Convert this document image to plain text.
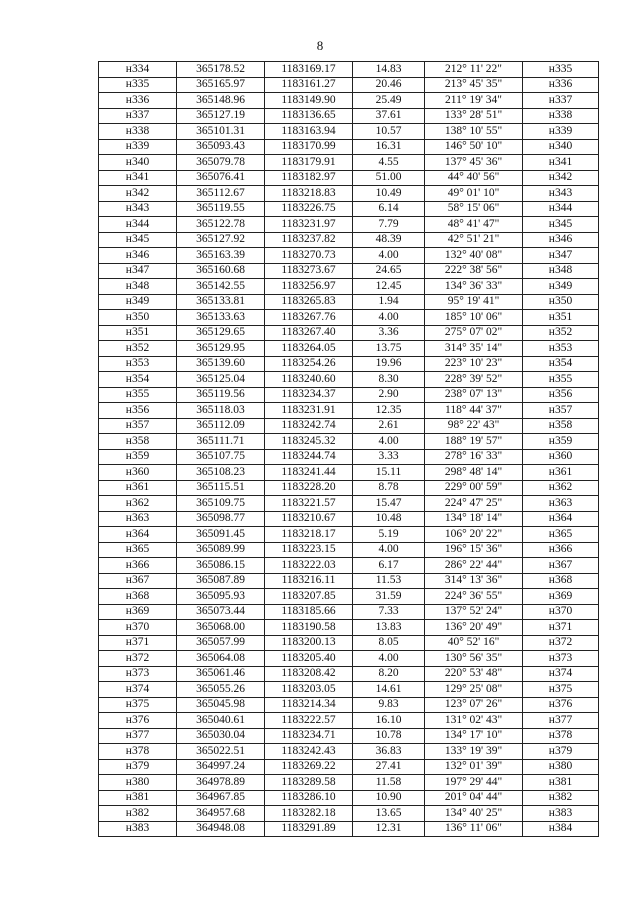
8
н334	365178.52	1183169.17	14.83	212° 11' 22"	н335
н335	365165.97	1183161.27	20.46	213° 45' 35"	н336
н336	365148.96	1183149.90	25.49	211° 19' 34"	н337
н337	365127.19	1183136.65	37.61	133° 28' 51"	н338
н338	365101.31	1183163.94	10.57	138° 10' 55"	н339
н339	365093.43	1183170.99	16.31	146° 50' 10"	н340
н340	365079.78	1183179.91	4.55	137° 45' 36"	н341
н341	365076.41	1183182.97	51.00	44° 40' 56"	н342
н342	365112.67	1183218.83	10.49	49° 01' 10"	н343
н343	365119.55	1183226.75	6.14	58° 15' 06"	н344
н344	365122.78	1183231.97	7.79	48° 41' 47"	н345
н345	365127.92	1183237.82	48.39	42° 51' 21"	н346
н346	365163.39	1183270.73	4.00	132° 40' 08"	н347
н347	365160.68	1183273.67	24.65	222° 38' 56"	н348
н348	365142.55	1183256.97	12.45	134° 36' 33"	н349
н349	365133.81	1183265.83	1.94	95° 19' 41"	н350
н350	365133.63	1183267.76	4.00	185° 10' 06"	н351
н351	365129.65	1183267.40	3.36	275° 07' 02"	н352
н352	365129.95	1183264.05	13.75	314° 35' 14"	н353
н353	365139.60	1183254.26	19.96	223° 10' 23"	н354
н354	365125.04	1183240.60	8.30	228° 39' 52"	н355
н355	365119.56	1183234.37	2.90	238° 07' 13"	н356
н356	365118.03	1183231.91	12.35	118° 44' 37"	н357
н357	365112.09	1183242.74	2.61	98° 22' 43"	н358
н358	365111.71	1183245.32	4.00	188° 19' 57"	н359
н359	365107.75	1183244.74	3.33	278° 16' 33"	н360
н360	365108.23	1183241.44	15.11	298° 48' 14"	н361
н361	365115.51	1183228.20	8.78	229° 00' 59"	н362
н362	365109.75	1183221.57	15.47	224° 47' 25"	н363
н363	365098.77	1183210.67	10.48	134° 18' 14"	н364
н364	365091.45	1183218.17	5.19	106° 20' 22"	н365
н365	365089.99	1183223.15	4.00	196° 15' 36"	н366
н366	365086.15	1183222.03	6.17	286° 22' 44"	н367
н367	365087.89	1183216.11	11.53	314° 13' 36"	н368
н368	365095.93	1183207.85	31.59	224° 36' 55"	н369
н369	365073.44	1183185.66	7.33	137° 52' 24"	н370
н370	365068.00	1183190.58	13.83	136° 20' 49"	н371
н371	365057.99	1183200.13	8.05	40° 52' 16"	н372
н372	365064.08	1183205.40	4.00	130° 56' 35"	н373
н373	365061.46	1183208.42	8.20	220° 53' 48"	н374
н374	365055.26	1183203.05	14.61	129° 25' 08"	н375
н375	365045.98	1183214.34	9.83	123° 07' 26"	н376
н376	365040.61	1183222.57	16.10	131° 02' 43"	н377
н377	365030.04	1183234.71	10.78	134° 17' 10"	н378
н378	365022.51	1183242.43	36.83	133° 19' 39"	н379
н379	364997.24	1183269.22	27.41	132° 01' 39"	н380
н380	364978.89	1183289.58	11.58	197° 29' 44"	н381
н381	364967.85	1183286.10	10.90	201° 04' 44"	н382
н382	364957.68	1183282.18	13.65	134° 40' 25"	н383
н383	364948.08	1183291.89	12.31	136° 11' 06"	н384
